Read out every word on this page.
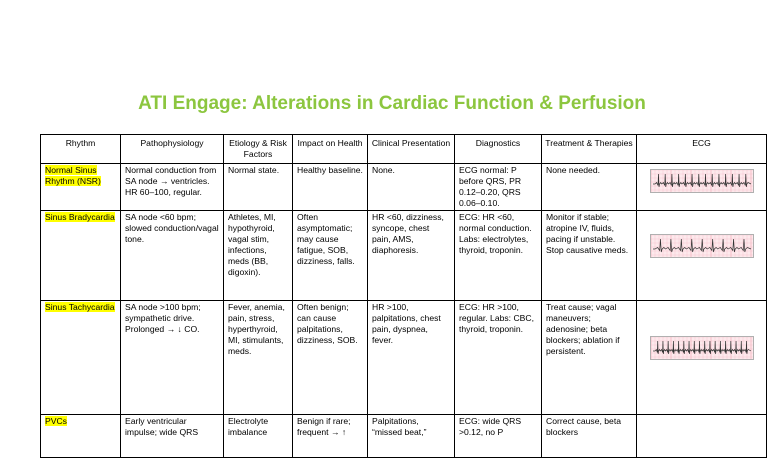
ATI Engage: Alterations in Cardiac Function & Perfusion
Rhythm	Pathophysiology	Etiology & Risk Factors	Impact on Health	Clinical Presentation	Diagnostics	Treatment & Therapies	ECG
Normal Sinus Rhythm (NSR)	Normal conduction from SA node → ventricles. HR 60–100, regular.	Normal state.	Healthy baseline.	None.	ECG normal: P before QRS, PR 0.12–0.20, QRS 0.06–0.10.	None needed.	

Sinus Bradycardia	SA node <60 bpm; slowed conduction/vagal tone.	Athletes, MI, hypothyroid, vagal stim, infections, meds (BB, digoxin).	Often asymptomatic; may cause fatigue, SOB, dizziness, falls.	HR <60, dizziness, syncope, chest pain, AMS, diaphoresis.	ECG: HR <60, normal conduction. Labs: electrolytes, thyroid, troponin.	Monitor if stable; atropine IV, fluids, pacing if unstable. Stop causative meds.	

Sinus Tachycardia	SA node >100 bpm; sympathetic drive. Prolonged → ↓ CO.	Fever, anemia, pain, stress, hyperthyroid, MI, stimulants, meds.	Often benign; can cause palpitations, dizziness, SOB.	HR >100, palpitations, chest pain, dyspnea, fever.	ECG: HR >100, regular. Labs: CBC, thyroid, troponin.	Treat cause; vagal maneuvers; adenosine; beta blockers; ablation if persistent.	

PVCs	Early ventricular impulse; wide QRS	Electrolyte imbalance	Benign if rare; frequent → ↑	Palpitations, “missed beat,”	ECG: wide QRS >0.12, no P	Correct cause, beta blockers	
